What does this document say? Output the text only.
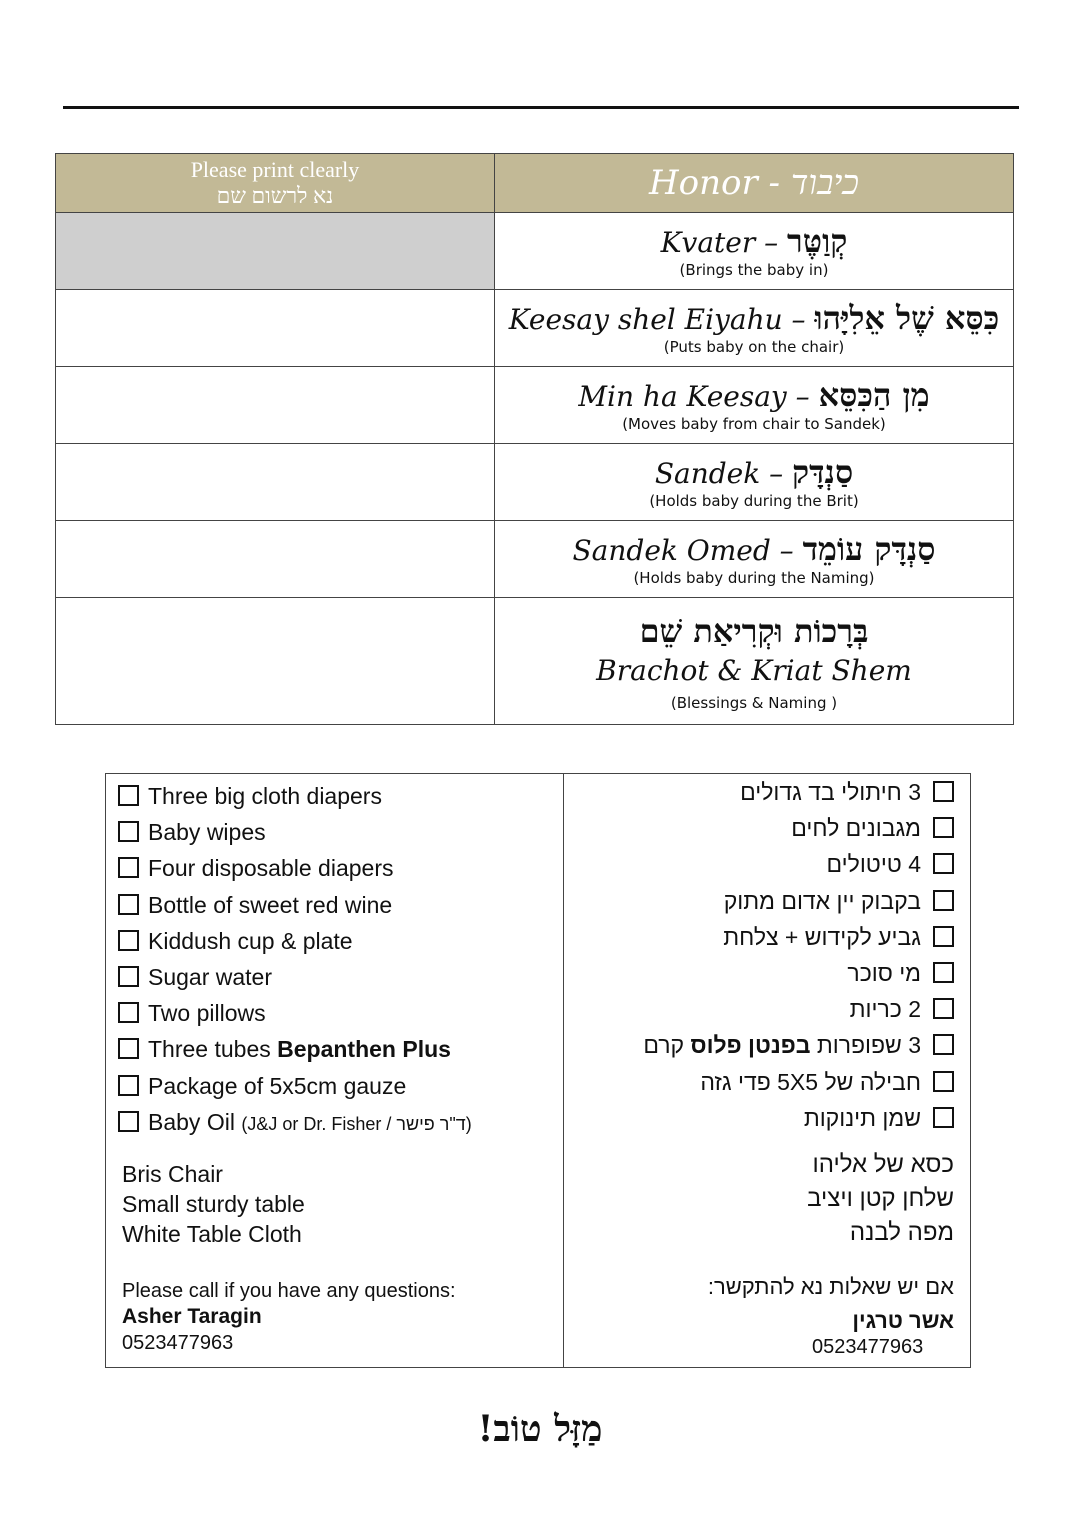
Please print clearly
נא לרשום שם	Honor - כיבוד

	Kvater – קְוַטֶּר
(Brings the baby in)

	Keesay shel Eiyahu – כִּסֵּא שֶׁל אֵלִיָּהוּ
(Puts baby on the chair)

	Min ha Keesay – מִן הַכִּסֵּא
(Moves baby from chair to Sandek)

	Sandek – סַנְדָּק
(Holds baby during the Brit)

	Sandek Omed – סַנְדָּק עוֹמֵד
(Holds baby during the Naming)

	בְּרָכוֹת וּקְרִיאַת שֵׁם
Brachot & Kriat Shem
(Blessings & Naming )
Three big cloth diapers
Baby wipes
Four disposable diapers
Bottle of sweet red wine
Kiddush cup & plate
Sugar water
Two pillows
Three tubes Bepanthen Plus
Package of 5x5cm gauze
Baby Oil (J&J or Dr. Fisher / ד"ר פישר)
3 חיתולי בד גדולים
מגבונים לחים
4 טיטולים
בקבוק יין אדום מתוק
גביע לקידוש + צלחת
מי סוכר
2 כריות
3 שפופרות בפנטן פלוס קרם
חבילה של 5X5 פדי גזה
שמן תינוקות
Bris Chair
Small sturdy table
White Table Cloth
כסא של אליהו
שלחן קטן ויציב
מפה לבנה
Please call if you have any questions:
Asher Taragin
0523477963
אם יש שאלות נא להתקשר:
אשר טרגין
0523477963
מַזָּל טוֹב!
